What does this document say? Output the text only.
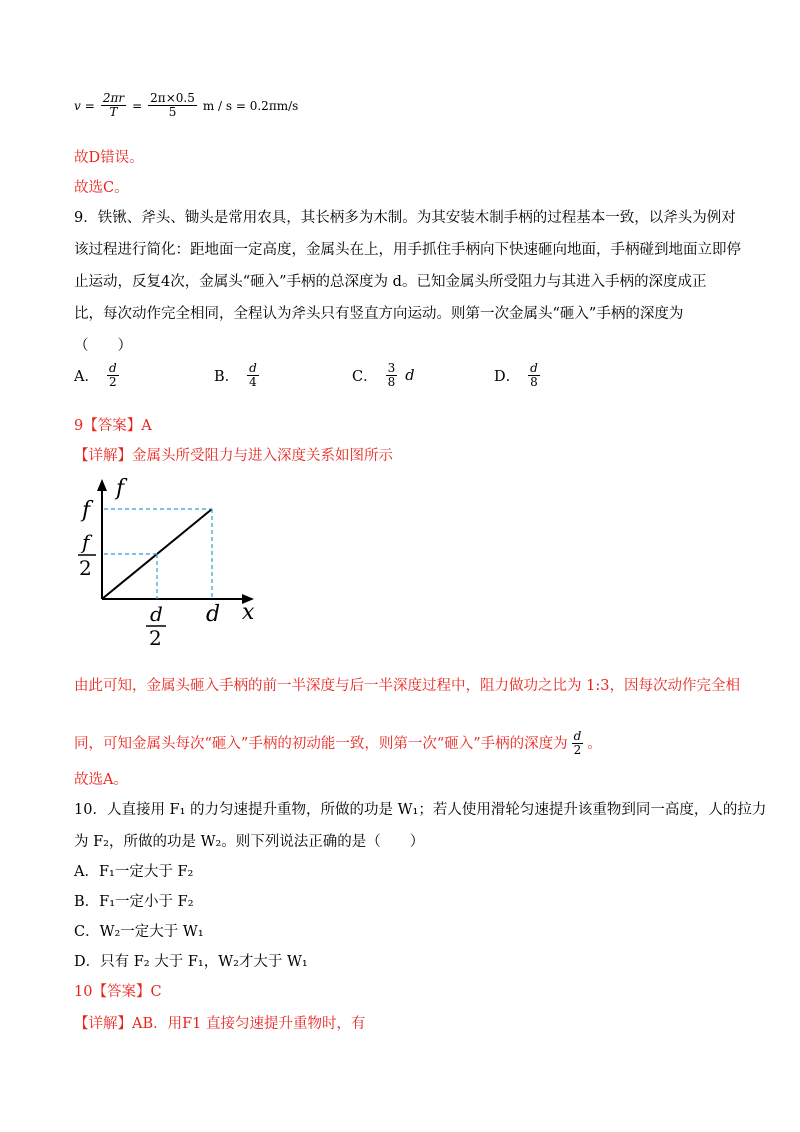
$v = \frac{2\pi r}{T} = \frac{2\pi\times 0.5}{5}$ m / s = 0.2πm/s
故D错误。
故选C。
9．铁锹、斧头、锄头是常用农具，其长柄多为木制。为其安装木制手柄的过程基本一致，以斧头为例对
该过程进行简化：距地面一定高度，金属头在上，用手抓住手柄向下快速砸向地面，手柄碰到地面立即停
止运动，反复4次，金属头“砸入”手柄的总深度为 d。已知金属头所受阻力与其进入手柄的深度成正
比，每次动作完全相同，全程认为斧头只有竖直方向运动。则第一次金属头“砸入”手柄的深度为
（　　）
A． $\frac{d}{2}$	B． $\frac{d}{4}$	C． $\frac{3}{8}$ d	D． $\frac{d}{8}$
9【答案】A
【详解】金属头所受阻力与进入深度关系如图所示
f
x
f
f
2
d
2
d
由此可知，金属头砸入手柄的前一半深度与后一半深度过程中，阻力做功之比为 1:3，因每次动作完全相
同，可知金属头每次“砸入”手柄的初动能一致，则第一次“砸入”手柄的深度为 $\frac{d}{2}$ 。
故选A。
10．人直接用 F₁ 的力匀速提升重物，所做的功是 W₁；若人使用滑轮匀速提升该重物到同一高度，人的拉力
为 F₂，所做的功是 W₂。则下列说法正确的是（　　）
A．F₁一定大于 F₂
B．F₁一定小于 F₂
C．W₂一定大于 W₁
D．只有 F₂ 大于 F₁，W₂才大于 W₁
10【答案】C
【详解】AB．用F1 直接匀速提升重物时，有
